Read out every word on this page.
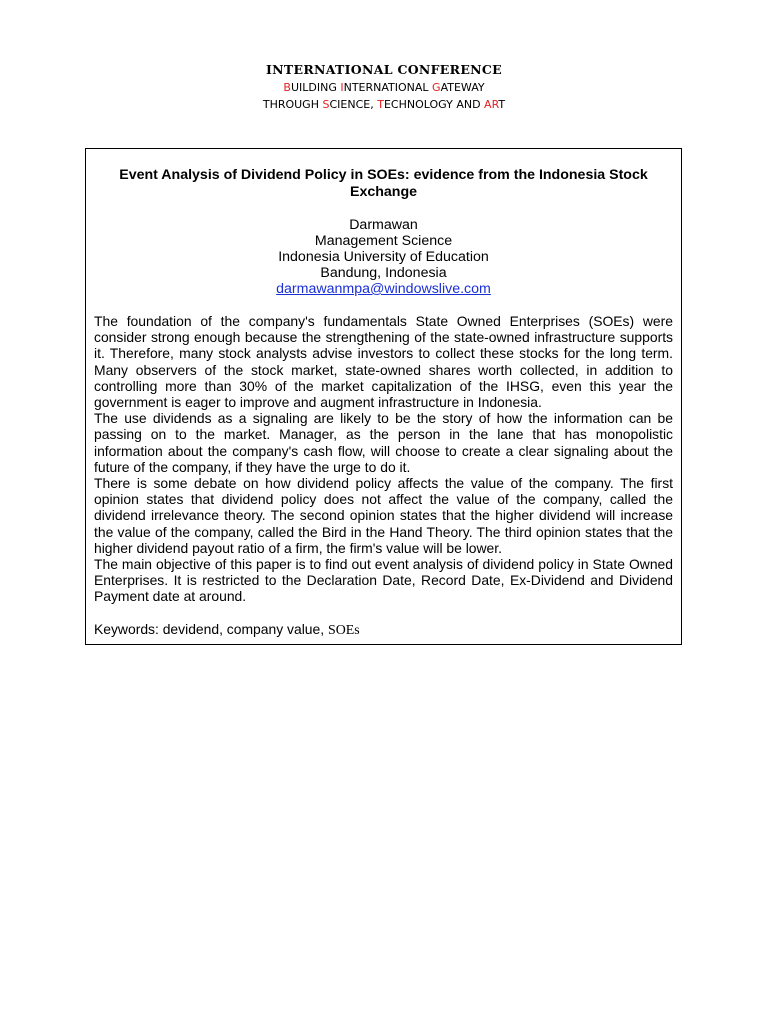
INTERNATIONAL CONFERENCE
BUILDING INTERNATIONAL GATEWAY
THROUGH SCIENCE, TECHNOLOGY AND ART
Event Analysis of Dividend Policy in SOEs: evidence from the Indonesia Stock Exchange
Darmawan
Management Science
Indonesia University of Education
Bandung, Indonesia
darmawanmpa@windowslive.com

The foundation of the company's fundamentals State Owned Enterprises (SOEs) were consider strong enough because the strengthening of the state-owned infrastructure supports it. Therefore, many stock analysts advise investors to collect these stocks for the long term. Many observers of the stock market, state-owned shares worth collected, in addition to controlling more than 30% of the market capitalization of the IHSG, even this year the government is eager to improve and augment infrastructure in Indonesia.

The use dividends as a signaling are likely to be the story of how the information can be passing on to the market. Manager, as the person in the lane that has monopolistic information about the company's cash flow, will choose to create a clear signaling about the future of the company, if they have the urge to do it.

There is some debate on how dividend policy affects the value of the company. The first opinion states that dividend policy does not affect the value of the company, called the dividend irrelevance theory. The second opinion states that the higher dividend will increase the value of the company, called the Bird in the Hand Theory. The third opinion states that the higher dividend payout ratio of a firm, the firm's value will be lower.

The main objective of this paper is to find out event analysis of dividend policy in State Owned Enterprises. It is restricted to the Declaration Date, Record Date, Ex-Dividend and Dividend Payment date at around.

Keywords: devidend, company value, SOEs
